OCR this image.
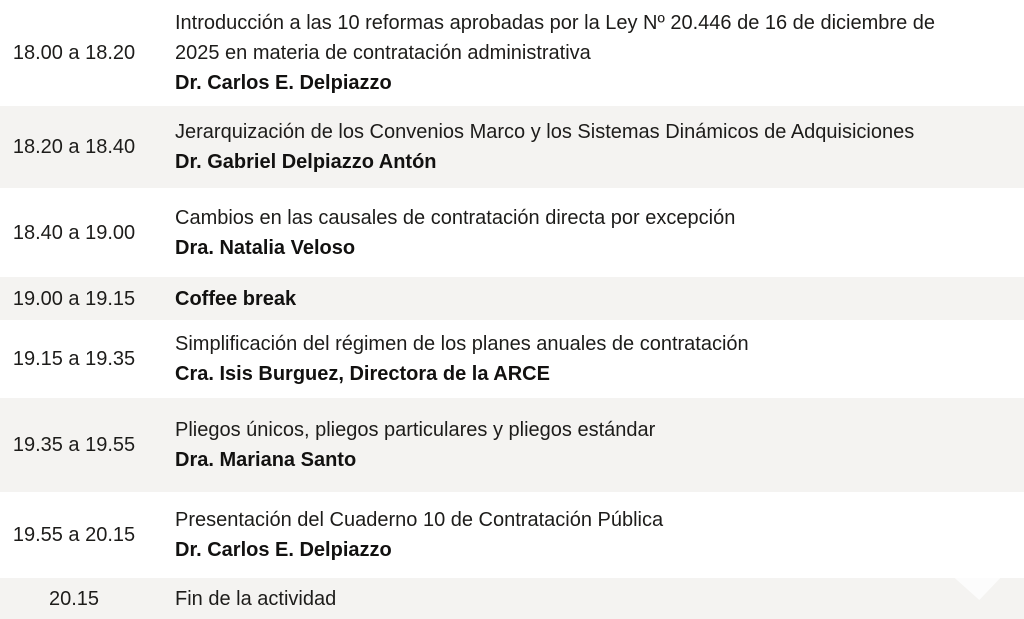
18.00 a 18.20
Introducción a las 10 reformas aprobadas por la Ley Nº 20.446 de 16 de diciembre de 2025 en materia de contratación administrativa
Dr. Carlos E. Delpiazzo
18.20 a 18.40
Jerarquización de los Convenios Marco y los Sistemas Dinámicos de Adquisiciones
Dr. Gabriel Delpiazzo Antón
18.40 a 19.00
Cambios en las causales de contratación directa por excepción
Dra. Natalia Veloso
19.00 a 19.15	Coffee break
19.15 a 19.35
Simplificación del régimen de los planes anuales de contratación
Cra. Isis Burguez, Directora de la ARCE
19.35 a 19.55
Pliegos únicos, pliegos particulares y pliegos estándar
Dra. Mariana Santo
19.55 a 20.15
Presentación del Cuaderno 10 de Contratación Pública
Dr. Carlos E. Delpiazzo
20.15	Fin de la actividad
